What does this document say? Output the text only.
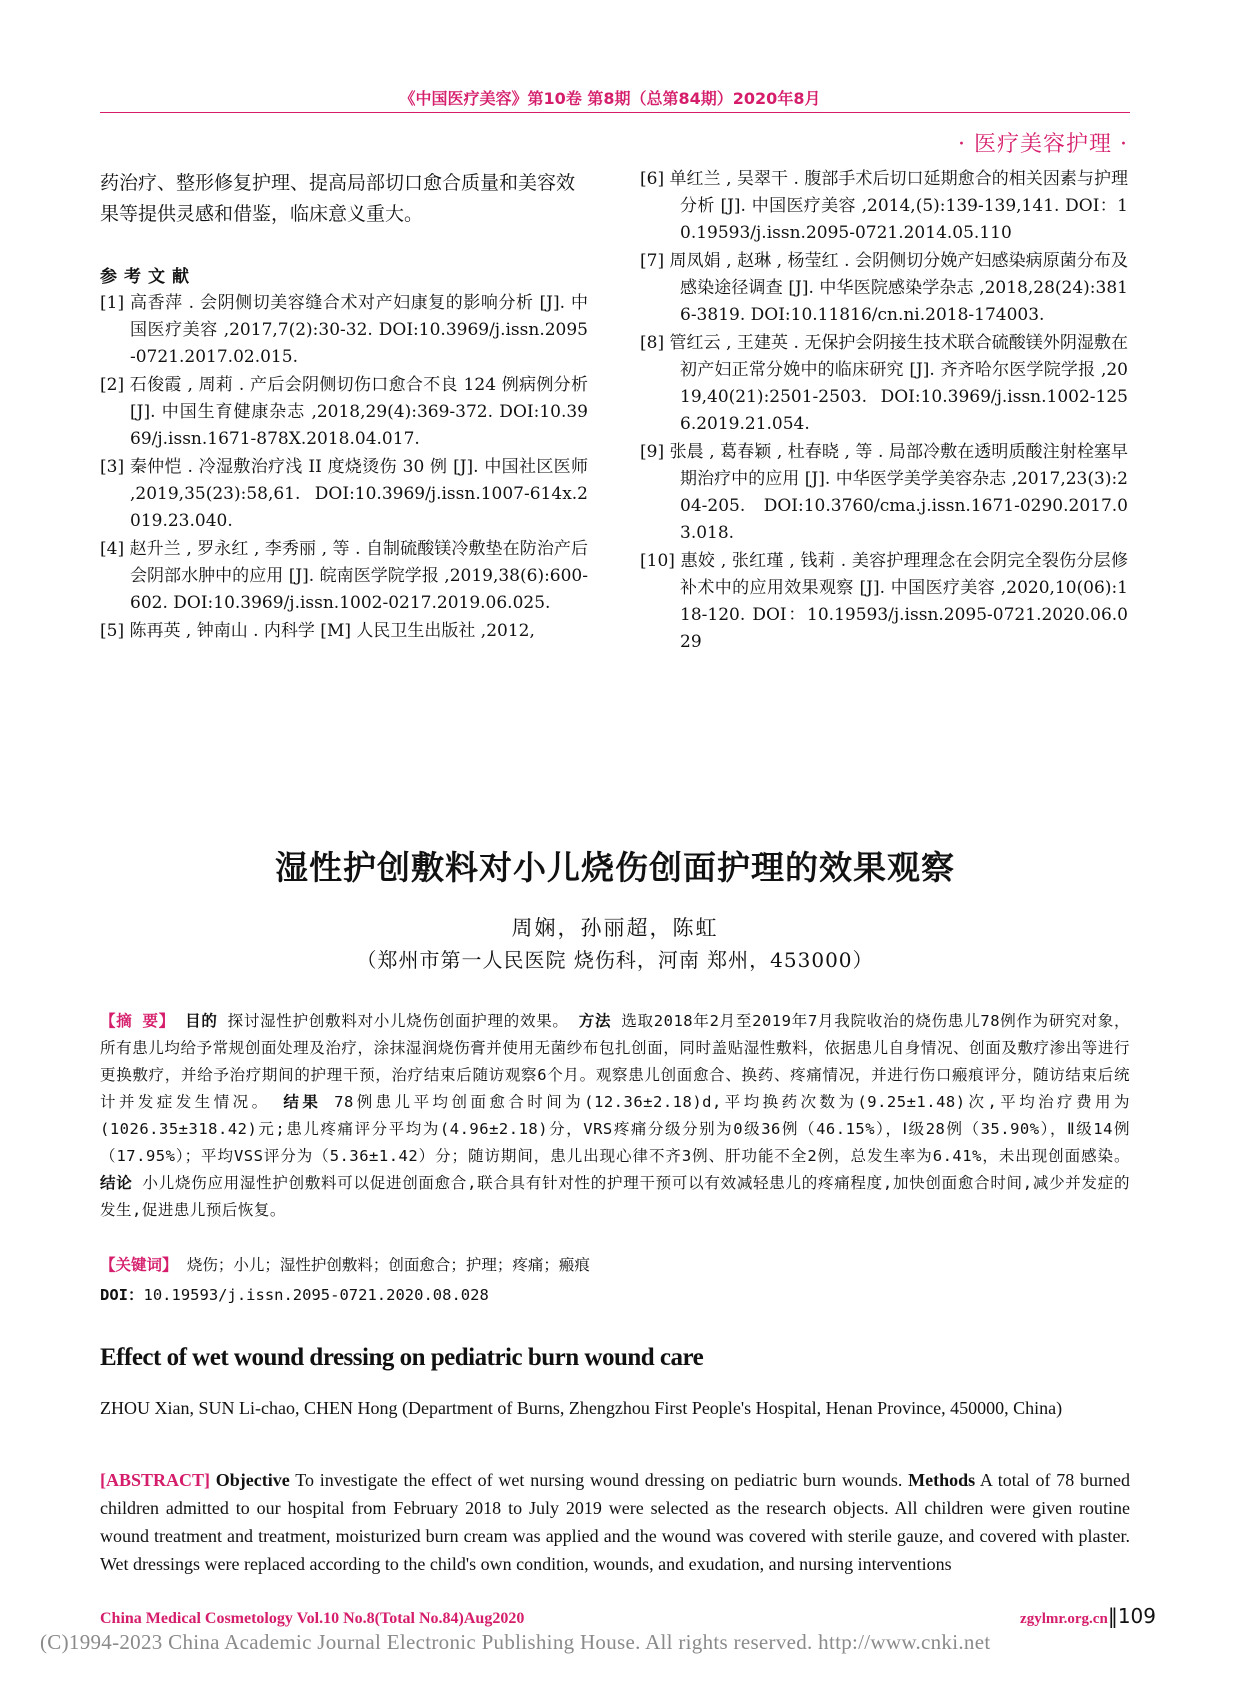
《中国医疗美容》第10卷 第8期（总第84期）2020年8月
· 医疗美容护理 ·
药治疗、整形修复护理、提高局部切口愈合质量和美容效果等提供灵感和借鉴，临床意义重大。
参考文献
[1] 高香萍 . 会阴侧切美容缝合术对产妇康复的影响分析 [J]. 中国医疗美容 ,2017,7(2):30-32. DOI:10.3969/j.issn.2095-0721.2017.02.015.
[2] 石俊霞 , 周莉 . 产后会阴侧切伤口愈合不良 124 例病例分析 [J]. 中国生育健康杂志 ,2018,29(4):369-372. DOI:10.3969/j.issn.1671-878X.2018.04.017.
[3] 秦仲恺 . 冷湿敷治疗浅 II 度烧烫伤 30 例 [J]. 中国社区医师 ,2019,35(23):58,61. DOI:10.3969/j.issn.1007-614x.2019.23.040.
[4] 赵升兰 , 罗永红 , 李秀丽 , 等 . 自制硫酸镁冷敷垫在防治产后会阴部水肿中的应用 [J]. 皖南医学院学报 ,2019,38(6):600-602. DOI:10.3969/j.issn.1002-0217.2019.06.025.
[5] 陈再英 , 钟南山 . 内科学 [M] 人民卫生出版社 ,2012,
[6] 单红兰 , 吴翠干 . 腹部手术后切口延期愈合的相关因素与护理分析 [J]. 中国医疗美容 ,2014,(5):139-139,141. DOI：10.19593/j.issn.2095-0721.2014.05.110
[7] 周凤娟 , 赵琳 , 杨莹红 . 会阴侧切分娩产妇感染病原菌分布及感染途径调查 [J]. 中华医院感染学杂志 ,2018,28(24):3816-3819. DOI:10.11816/cn.ni.2018-174003.
[8] 管红云 , 王建英 . 无保护会阴接生技术联合硫酸镁外阴湿敷在初产妇正常分娩中的临床研究 [J]. 齐齐哈尔医学院学报 ,2019,40(21):2501-2503. DOI:10.3969/j.issn.1002-1256.2019.21.054.
[9] 张晨 , 葛春颖 , 杜春晓 , 等 . 局部冷敷在透明质酸注射栓塞早期治疗中的应用 [J]. 中华医学美学美容杂志 ,2017,23(3):204-205. DOI:10.3760/cma.j.issn.1671-0290.2017.03.018.
[10] 惠姣 , 张红瑾 , 钱莉 . 美容护理理念在会阴完全裂伤分层修补术中的应用效果观察 [J]. 中国医疗美容 ,2020,10(06):118-120. DOI：10.19593/j.issn.2095-0721.2020.06.029
湿性护创敷料对小儿烧伤创面护理的效果观察
周娴，孙丽超，陈虹
（郑州市第一人民医院 烧伤科，河南 郑州，453000）
【摘 要】 目的 探讨湿性护创敷料对小儿烧伤创面护理的效果。 方法 选取2018年2月至2019年7月我院收治的烧伤患儿78例作为研究对象，所有患儿均给予常规创面处理及治疗，涂抹湿润烧伤膏并使用无菌纱布包扎创面，同时盖贴湿性敷料，依据患儿自身情况、创面及敷疗渗出等进行更换敷疗，并给予治疗期间的护理干预，治疗结束后随访观察6个月。观察患儿创面愈合、换药、疼痛情况，并进行伤口瘢痕评分，随访结束后统计并发症发生情况。 结果 78例患儿平均创面愈合时间为(12.36±2.18)d,平均换药次数为(9.25±1.48)次,平均治疗费用为(1026.35±318.42)元;患儿疼痛评分平均为(4.96±2.18)分，VRS疼痛分级分别为0级36例（46.15%），Ⅰ级28例（35.90%），Ⅱ级14例（17.95%）；平均VSS评分为（5.36±1.42）分；随访期间，患儿出现心律不齐3例、肝功能不全2例，总发生率为6.41%，未出现创面感染。 结论 小儿烧伤应用湿性护创敷料可以促进创面愈合,联合具有针对性的护理干预可以有效减轻患儿的疼痛程度,加快创面愈合时间,减少并发症的发生,促进患儿预后恢复。
【关键词】 烧伤；小儿；湿性护创敷料；创面愈合；护理；疼痛；瘢痕
DOI：10.19593/j.issn.2095-0721.2020.08.028
Effect of wet wound dressing on pediatric burn wound care
ZHOU Xian, SUN Li-chao, CHEN Hong (Department of Burns, Zhengzhou First People's Hospital, Henan Province, 450000, China)
[ABSTRACT] Objective To investigate the effect of wet nursing wound dressing on pediatric burn wounds. Methods A total of 78 burned children admitted to our hospital from February 2018 to July 2019 were selected as the research objects. All children were given routine wound treatment and treatment, moisturized burn cream was applied and the wound was covered with sterile gauze, and covered with plaster. Wet dressings were replaced according to the child's own condition, wounds, and exudation, and nursing interventions
China Medical Cosmetology Vol.10 No.8(Total No.84)Aug2020	zgylmr.org.cn‖109
(C)1994-2023 China Academic Journal Electronic Publishing House. All rights reserved. http://www.cnki.net
